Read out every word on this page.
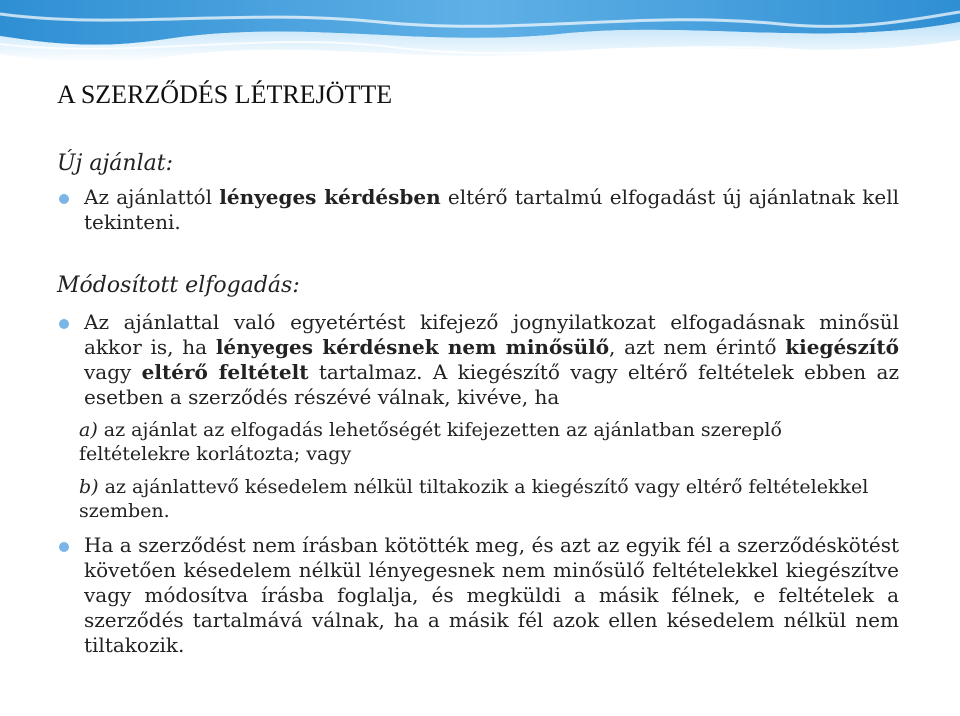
A SZERZŐDÉS LÉTREJÖTTE
Új ajánlat:

Az ajánlattól lényeges kérdésben eltérő tartalmú elfogadást új ajánlatnak kell tekinteni.

Módosított elfogadás:

Az ajánlattal való egyetértést kifejező jognyilatkozat elfogadásnak minősül akkor is, ha lényeges kérdésnek nem minősülő, azt nem érintő kiegészítő vagy eltérő feltételt tartalmaz. A kiegészítő vagy eltérő feltételek ebben az esetben a szerződés részévé válnak, kivéve, ha

a) az ajánlat az elfogadás lehetőségét kifejezetten az ajánlatban szereplő feltételekre korlátozta; vagy

b) az ajánlattevő késedelem nélkül tiltakozik a kiegészítő vagy eltérő feltételekkel szemben.

Ha a szerződést nem írásban kötötték meg, és azt az egyik fél a szerződéskötést követően késedelem nélkül lényegesnek nem minősülő feltételekkel kiegészítve vagy módosítva írásba foglalja, és megküldi a másik félnek, e feltételek a szerződés tartalmává válnak, ha a másik fél azok ellen késedelem nélkül nem tiltakozik.
